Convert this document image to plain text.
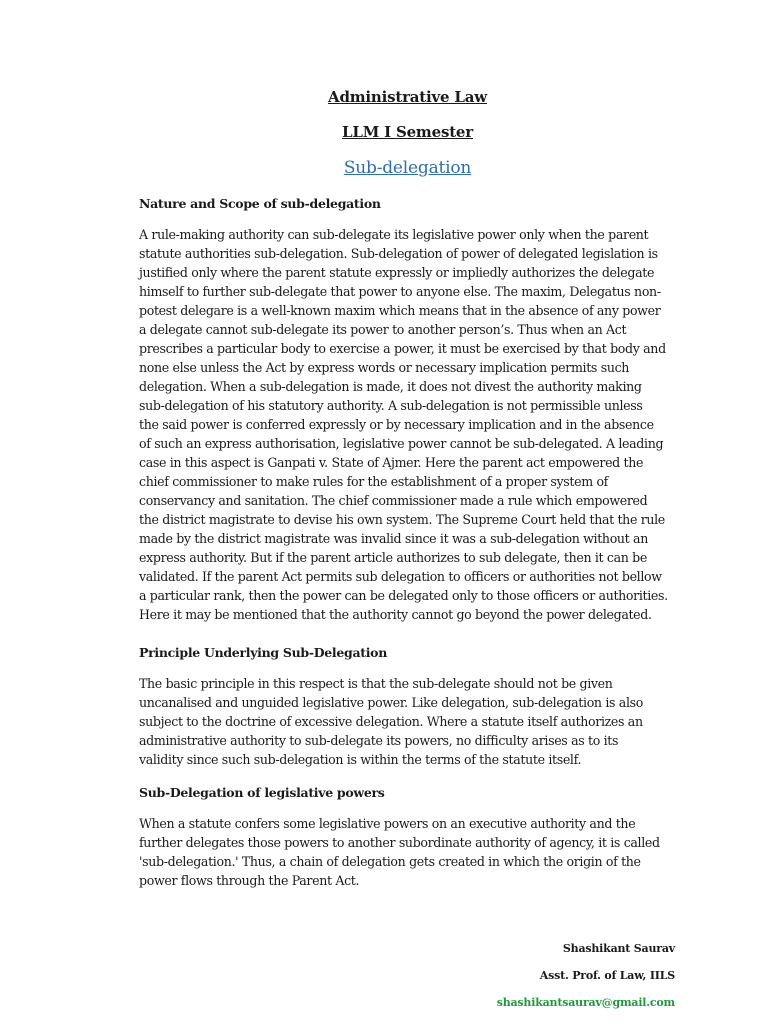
Administrative Law
LLM I Semester
Sub-delegation
Nature and Scope of sub-delegation
A rule-making authority can sub-delegate its legislative power only when the parent
statute authorities sub-delegation. Sub-delegation of power of delegated legislation is
justified only where the parent statute expressly or impliedly authorizes the delegate
himself to further sub-delegate that power to anyone else. The maxim, Delegatus non-
potest delegare is a well-known maxim which means that in the absence of any power
a delegate cannot sub-delegate its power to another person’s. Thus when an Act
prescribes a particular body to exercise a power, it must be exercised by that body and
none else unless the Act by express words or necessary implication permits such
delegation. When a sub-delegation is made, it does not divest the authority making
sub-delegation of his statutory authority. A sub-delegation is not permissible unless
the said power is conferred expressly or by necessary implication and in the absence
of such an express authorisation, legislative power cannot be sub-delegated. A leading
case in this aspect is Ganpati v. State of Ajmer. Here the parent act empowered the
chief commissioner to make rules for the establishment of a proper system of
conservancy and sanitation. The chief commissioner made a rule which empowered
the district magistrate to devise his own system. The Supreme Court held that the rule
made by the district magistrate was invalid since it was a sub-delegation without an
express authority. But if the parent article authorizes to sub delegate, then it can be
validated. If the parent Act permits sub delegation to officers or authorities not bellow
a particular rank, then the power can be delegated only to those officers or authorities.
Here it may be mentioned that the authority cannot go beyond the power delegated.
Principle Underlying Sub-Delegation
The basic principle in this respect is that the sub-delegate should not be given
uncanalised and unguided legislative power. Like delegation, sub-delegation is also
subject to the doctrine of excessive delegation. Where a statute itself authorizes an
administrative authority to sub-delegate its powers, no difficulty arises as to its
validity since such sub-delegation is within the terms of the statute itself.
Sub-Delegation of legislative powers
When a statute confers some legislative powers on an executive authority and the
further delegates those powers to another subordinate authority of agency, it is called
'sub-delegation.' Thus, a chain of delegation gets created in which the origin of the
power flows through the Parent Act.
Shashikant Saurav
Asst. Prof. of Law, IILS
shashikantsaurav@gmail.com
